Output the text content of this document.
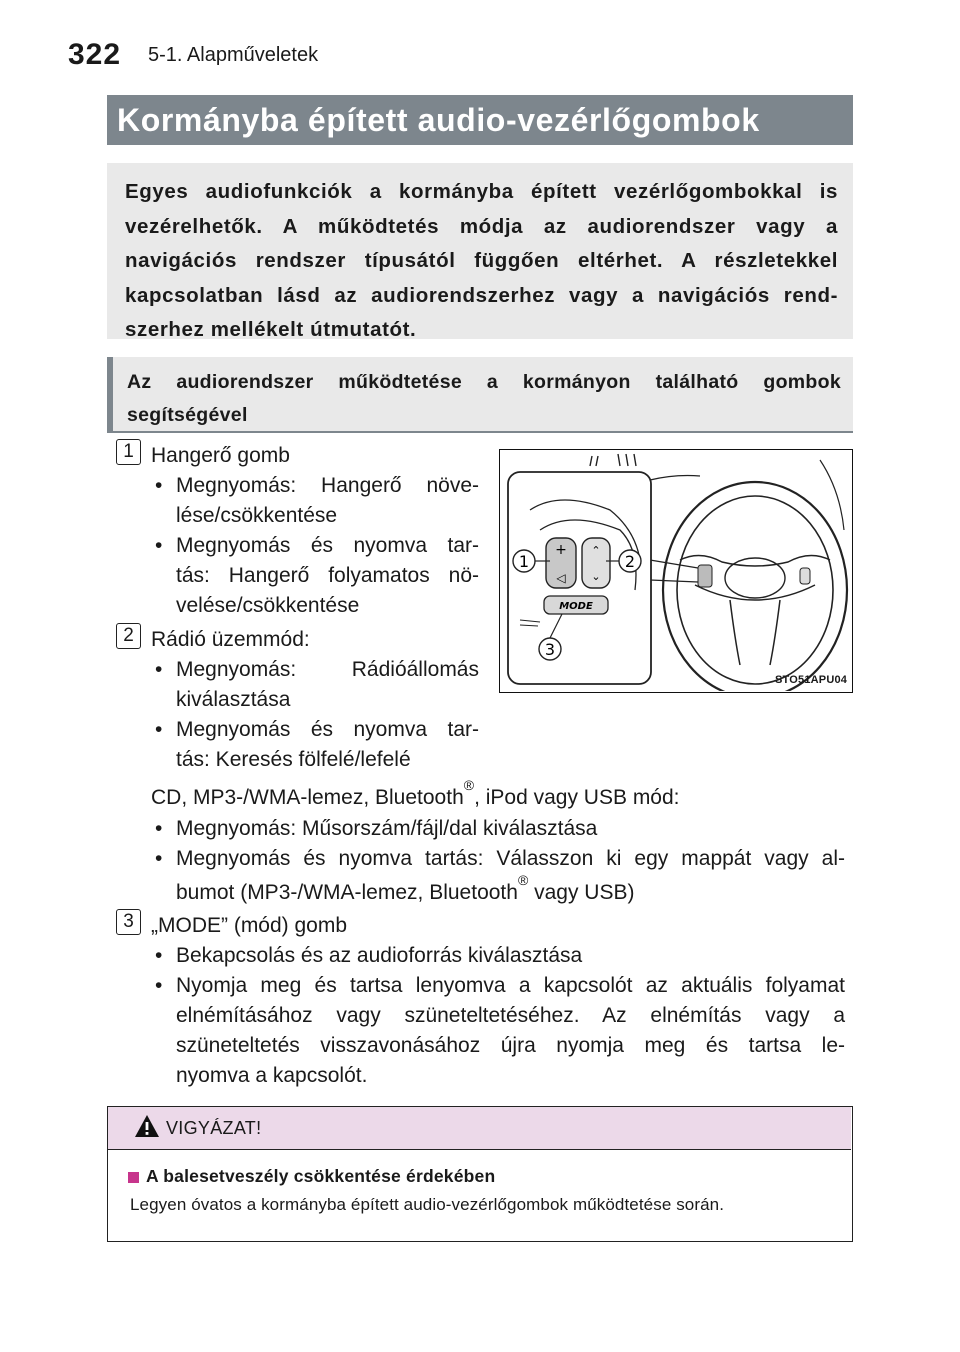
322 5-1. Alapműveletek
Kormányba épített audio-vezérlőgombok

Egyes audiofunkciók a kormányba épített vezérlőgombokkal is
vezérelhetők. A működtetés módja az audiorendszer vagy a
navigációs rendszer típusától függően eltérhet. A részletekkel
kapcsolatban lásd az audiorendszerhez vagy a navigációs rend-
szerhez mellékelt útmutatót.

Az audiorendszer működtetése a kormányon található gombok
segítségével

1 Hangerő gomb
• Megnyomás: Hangerő növe-
lése/csökkentése
• Megnyomás és nyomva tar-
tás: Hangerő folyamatos nö-
velése/csökkentése
2 Rádió üzemmód:
• Megnyomás: Rádióállomás
kiválasztása
• Megnyomás és nyomva tar-
tás: Keresés fölfelé/lefelé
CD, MP3-/WMA-lemez, Bluetooth®, iPod vagy USB mód:
• Megnyomás: Műsorszám/fájl/dal kiválasztása
• Megnyomás és nyomva tartás: Válasszon ki egy mappát vagy al-
bumot (MP3-/WMA-lemez, Bluetooth® vagy USB)
3 „MODE” (mód) gomb
• Bekapcsolás és az audioforrás kiválasztása
• Nyomja meg és tartsa lenyomva a kapcsolót az aktuális folyamat
elnémításához vagy szüneteltetéséhez. Az elnémítás vagy a
szüneteltetés visszavonásához újra nyomja meg és tartsa le-
nyomva a kapcsolót.
+
◁
⌃
⌄
MODE
1	2
3
STO51APU04
VIGYÁZAT!
A balesetveszély csökkentése érdekében
Legyen óvatos a kormányba épített audio-vezérlőgombok működtetése során.
